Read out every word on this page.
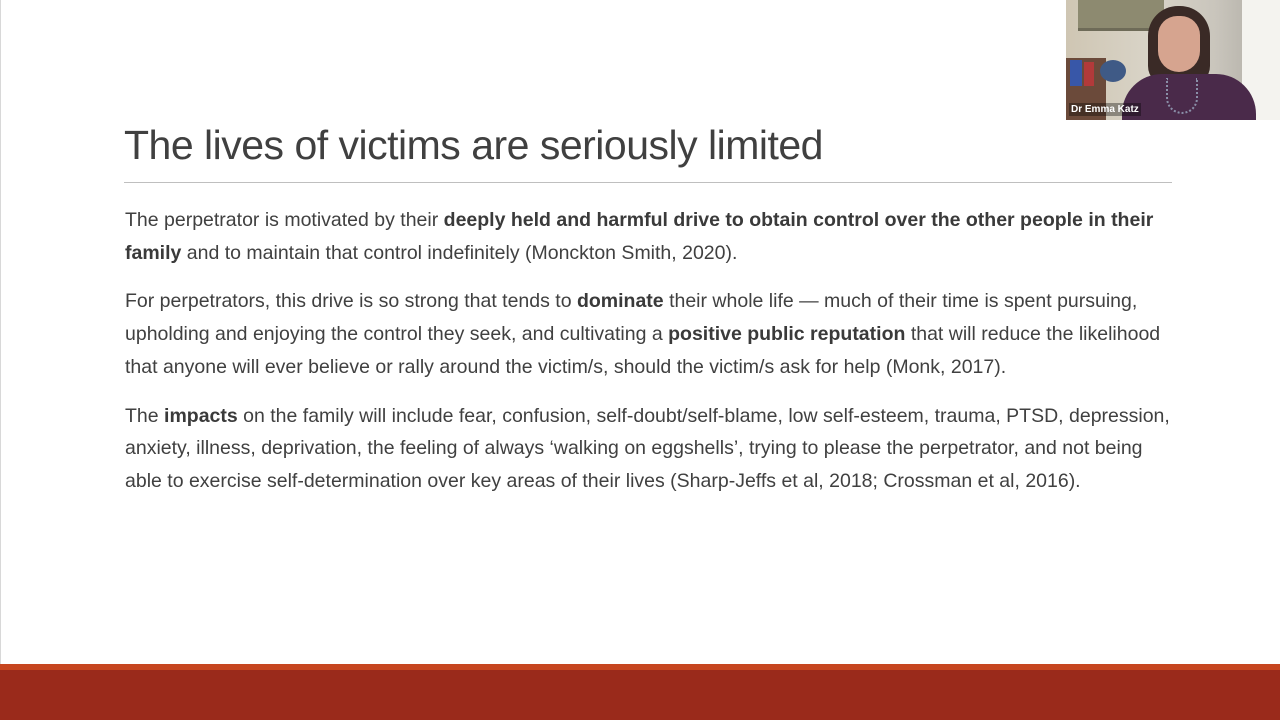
The lives of victims are seriously limited

The perpetrator is motivated by their deeply held and harmful drive to obtain control over the other people in their family and to maintain that control indefinitely (Monckton Smith, 2020).

For perpetrators, this drive is so strong that tends to dominate their whole life — much of their time is spent pursuing, upholding and enjoying the control they seek, and cultivating a positive public reputation that will reduce the likelihood that anyone will ever believe or rally around the victim/s, should the victim/s ask for help (Monk, 2017).

The impacts on the family will include fear, confusion, self-doubt/self-blame, low self-esteem, trauma, PTSD, depression, anxiety, illness, deprivation, the feeling of always ‘walking on eggshells’, trying to please the perpetrator, and not being able to exercise self-determination over key areas of their lives (Sharp-Jeffs et al, 2018; Crossman et al, 2016).

Dr Emma Katz
